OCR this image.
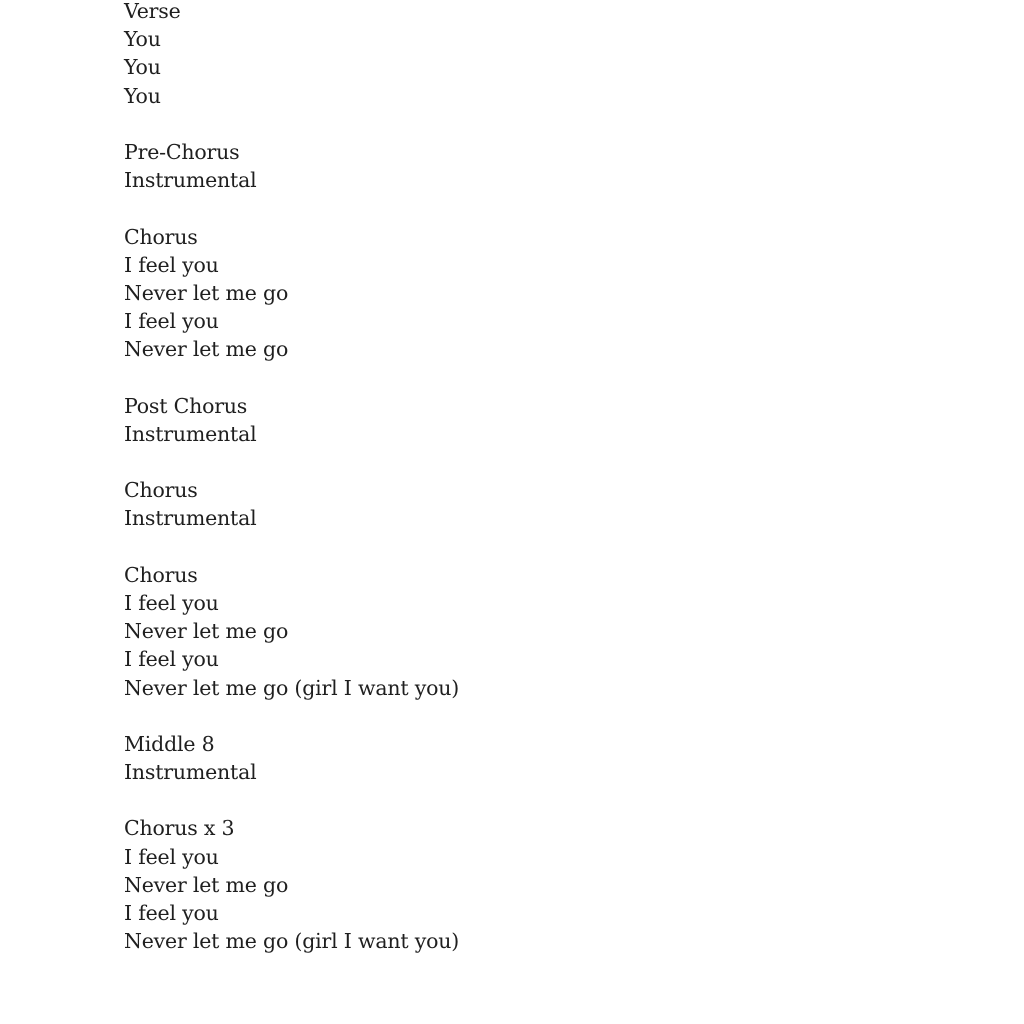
Verse
You
You
You
Pre-Chorus
Instrumental
Chorus
I feel you
Never let me go
I feel you
Never let me go
Post Chorus
Instrumental
Chorus
Instrumental
Chorus
I feel you
Never let me go
I feel you
Never let me go (girl I want you)
Middle 8
Instrumental
Chorus x 3
I feel you
Never let me go
I feel you
Never let me go (girl I want you)
